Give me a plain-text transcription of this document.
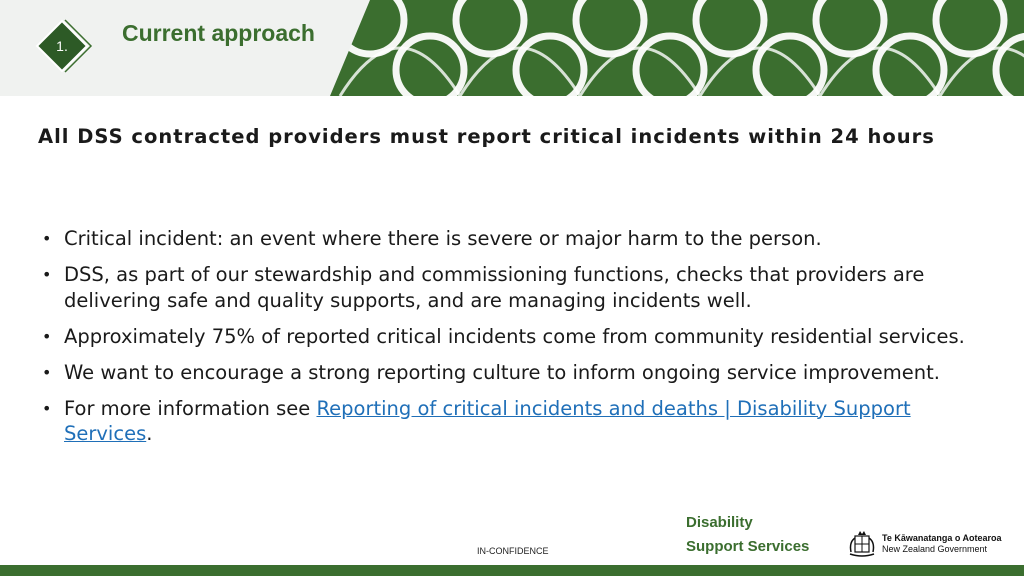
1.	Current approach
All DSS contracted providers must report critical incidents within 24 hours
• Critical incident: an event where there is severe or major harm to the person.
• DSS, as part of our stewardship and commissioning functions, checks that providers are delivering safe and quality supports, and are managing incidents well.
• Approximately 75% of reported critical incidents come from community residential services.
• We want to encourage a strong reporting culture to inform ongoing service improvement.
• For more information see Reporting of critical incidents and deaths | Disability Support Services.
IN-CONFIDENCE
Disability
Support Services	Te Kāwanatanga o Aotearoa
New Zealand Government
